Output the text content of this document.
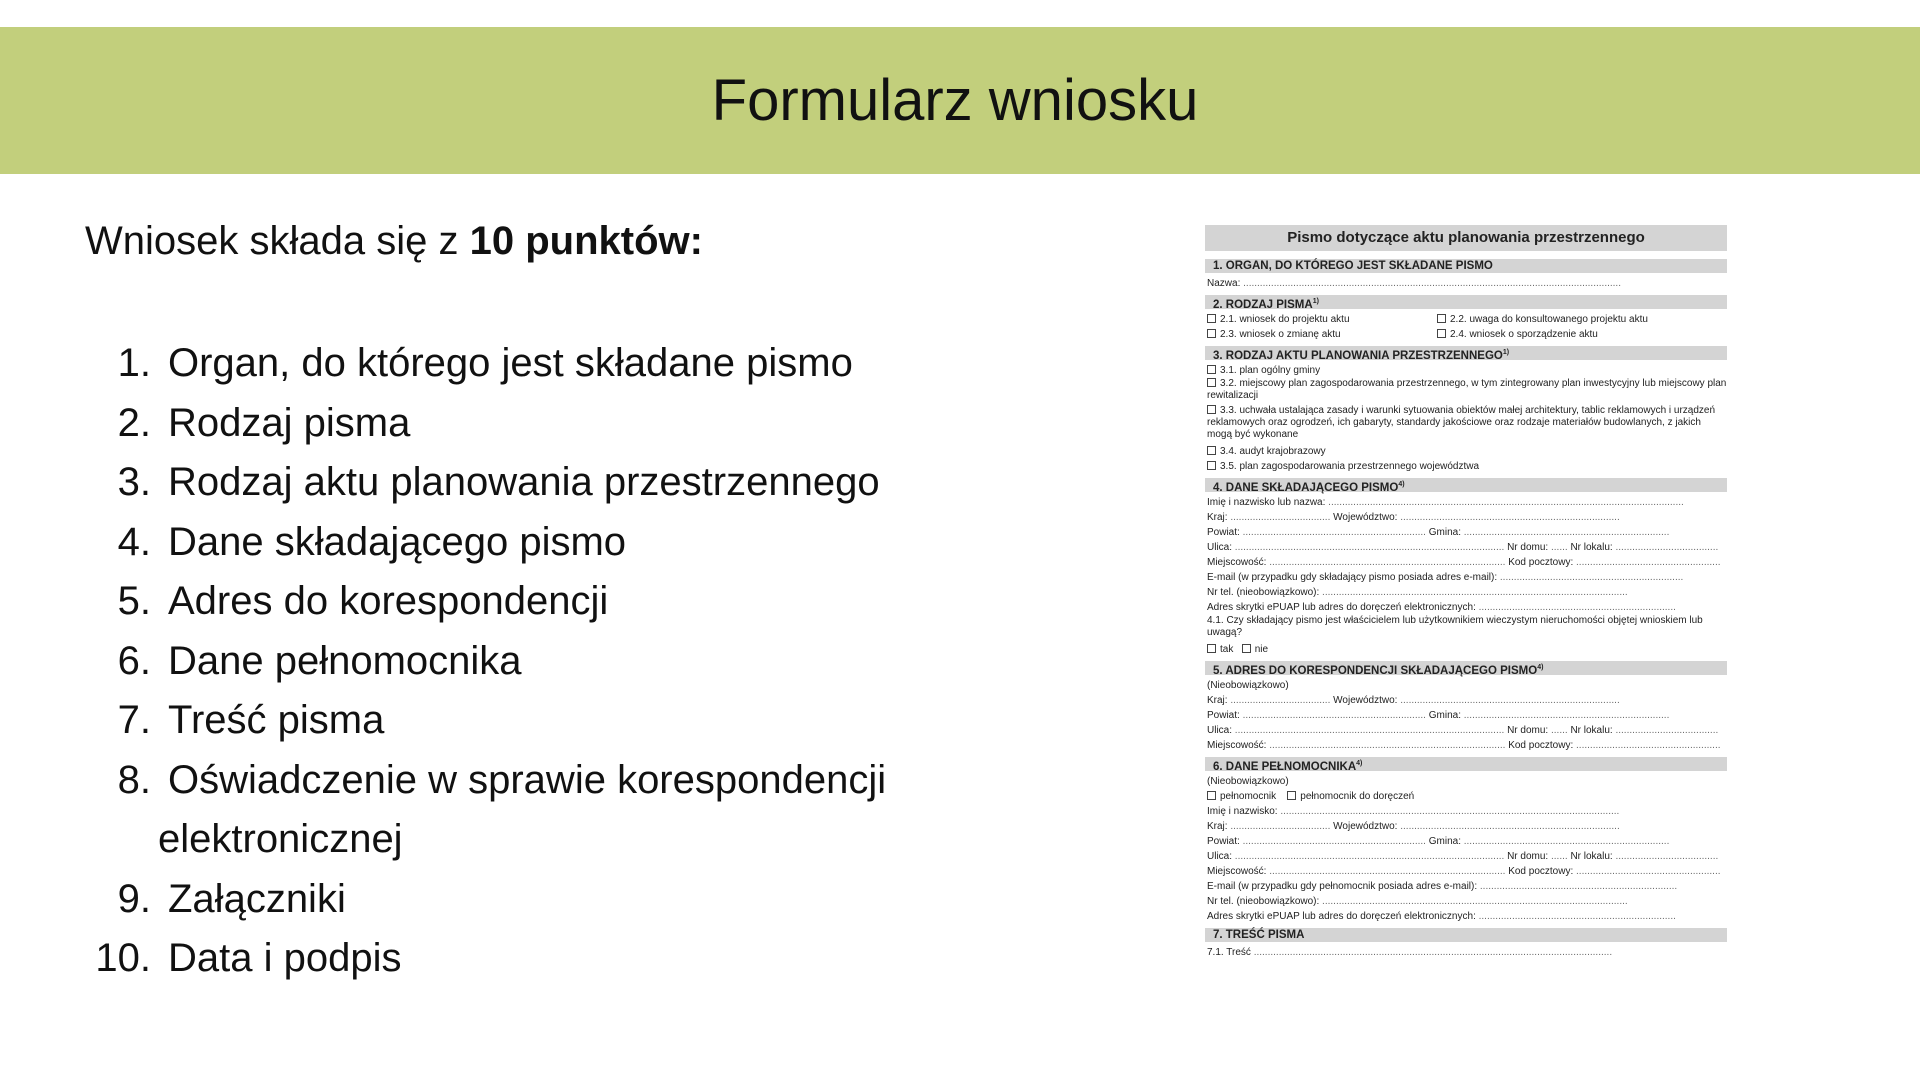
Formularz wniosku
Wniosek składa się z 10 punktów:
1. Organ, do którego jest składane pismo
2. Rodzaj pisma
3. Rodzaj aktu planowania przestrzennego
4. Dane składającego pismo
5. Adres do korespondencji
6. Dane pełnomocnika
7. Treść pisma
8. Oświadczenie w sprawie korespondencji
elektronicznej
9. Załączniki
10. Data i podpis
Pismo dotyczące aktu planowania przestrzennego
1. ORGAN, DO KTÓREGO JEST SKŁADANE PISMO
Nazwa: ........................................................................................................................................
2. RODZAJ PISMA$^{1)}$
2.1. wniosek do projektu aktu	2.2. uwaga do konsultowanego projektu aktu
2.3. wniosek o zmianę aktu	2.4. wniosek o sporządzenie aktu
3. RODZAJ AKTU PLANOWANIA PRZESTRZENNEGO$^{1)}$
3.1. plan ogólny gminy
3.2. miejscowy plan zagospodarowania przestrzennego, w tym zintegrowany plan inwestycyjny lub miejscowy plan rewitalizacji
3.3. uchwała ustalająca zasady i warunki sytuowania obiektów małej architektury, tablic reklamowych i urządzeń reklamowych oraz ogrodzeń, ich gabaryty, standardy jakościowe oraz rodzaje materiałów budowlanych, z jakich mogą być wykonane
3.4. audyt krajobrazowy
3.5. plan zagospodarowania przestrzennego województwa
4. DANE SKŁADAJĄCEGO PISMO$^{4)}$
Imię i nazwisko lub nazwa: ................................................................................................................................
Kraj: .................................... Województwo: ...............................................................................
Powiat: .................................................................. Gmina: ..........................................................................
Ulica: ................................................................................................. Nr domu: ...... Nr lokalu: .....................................
Miejscowość: ..................................................................................... Kod pocztowy: ....................................................
E-mail (w przypadku gdy składający pismo posiada adres e-mail): ..................................................................
Nr tel. (nieobowiązkowo): ..............................................................................................................
Adres skrytki ePUAP lub adres do doręczeń elektronicznych: .......................................................................
4.1. Czy składający pismo jest właścicielem lub użytkownikiem wieczystym nieruchomości objętej wnioskiem lub uwagą?
tak nie
5. ADRES DO KORESPONDENCJI SKŁADAJĄCEGO PISMO$^{4)}$
(Nieobowiązkowo)
Kraj: .................................... Województwo: ...............................................................................
Powiat: .................................................................. Gmina: ..........................................................................
Ulica: ................................................................................................. Nr domu: ...... Nr lokalu: .....................................
Miejscowość: ..................................................................................... Kod pocztowy: ....................................................
6. DANE PEŁNOMOCNIKA$^{4)}$
(Nieobowiązkowo)
pełnomocnik pełnomocnik do doręczeń
Imię i nazwisko: ..........................................................................................................................
Kraj: .................................... Województwo: ...............................................................................
Powiat: .................................................................. Gmina: ..........................................................................
Ulica: ................................................................................................. Nr domu: ...... Nr lokalu: .....................................
Miejscowość: ..................................................................................... Kod pocztowy: ....................................................
E-mail (w przypadku gdy pełnomocnik posiada adres e-mail): .......................................................................
Nr tel. (nieobowiązkowo): ..............................................................................................................
Adres skrytki ePUAP lub adres do doręczeń elektronicznych: .......................................................................
7. TREŚĆ PISMA
7.1. Treść .................................................................................................................................
